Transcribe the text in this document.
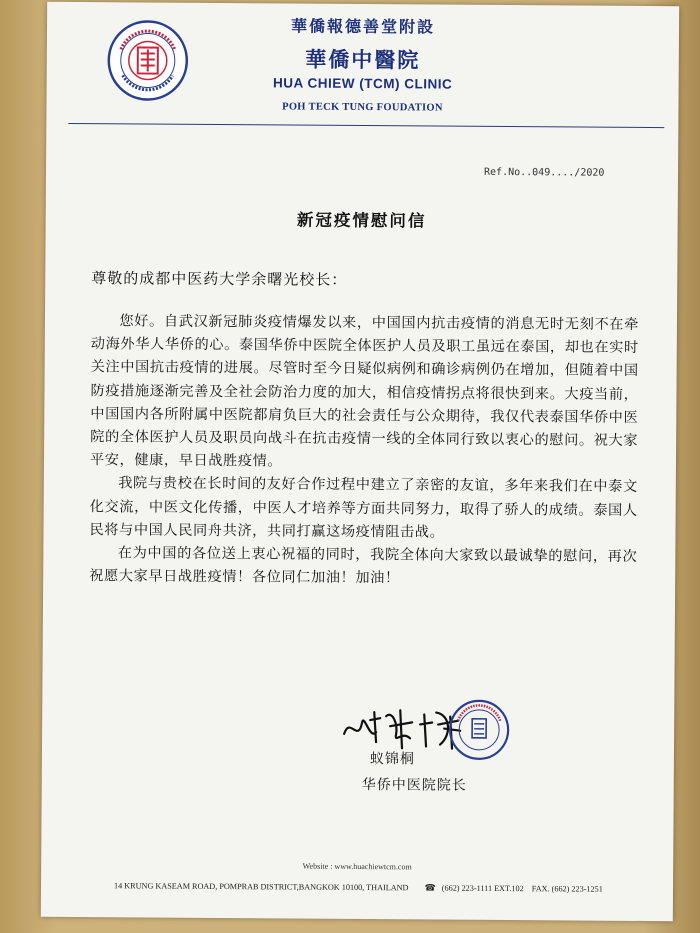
華僑報德善堂附設
華僑中醫院
HUA CHIEW (TCM) CLINIC
POH TECK TUNG FOUDATION
Ref.No..049..../2020
新冠疫情慰问信
尊敬的成都中医药大学余曙光校长：

您好。自武汉新冠肺炎疫情爆发以来，中国国内抗击疫情的消息无时无刻不在牵动海外华人华侨的心。泰国华侨中医院全体医护人员及职工虽远在泰国，却也在实时关注中国抗击疫情的进展。尽管时至今日疑似病例和确诊病例仍在增加，但随着中国防疫措施逐渐完善及全社会防治力度的加大，相信疫情拐点将很快到来。大疫当前，中国国内各所附属中医院都肩负巨大的社会责任与公众期待，我仅代表泰国华侨中医院的全体医护人员及职员向战斗在抗击疫情一线的全体同行致以衷心的慰问。祝大家平安，健康，早日战胜疫情。

我院与贵校在长时间的友好合作过程中建立了亲密的友谊，多年来我们在中泰文化交流，中医文化传播，中医人才培养等方面共同努力，取得了骄人的成绩。泰国人民将与中国人民同舟共济，共同打赢这场疫情阻击战。

在为中国的各位送上衷心祝福的同时，我院全体向大家致以最诚挚的慰问，再次祝愿大家早日战胜疫情！各位同仁加油！加油！

蚁锦桐
华侨中医院院长
Website : www.huachiewtcm.com
14 KRUNG KASEAM ROAD, POMPRAB DISTRICT,BANGKOK 10100, THAILAND ☎ (662) 223-1111 EXT.102 FAX. (662) 223-1251
